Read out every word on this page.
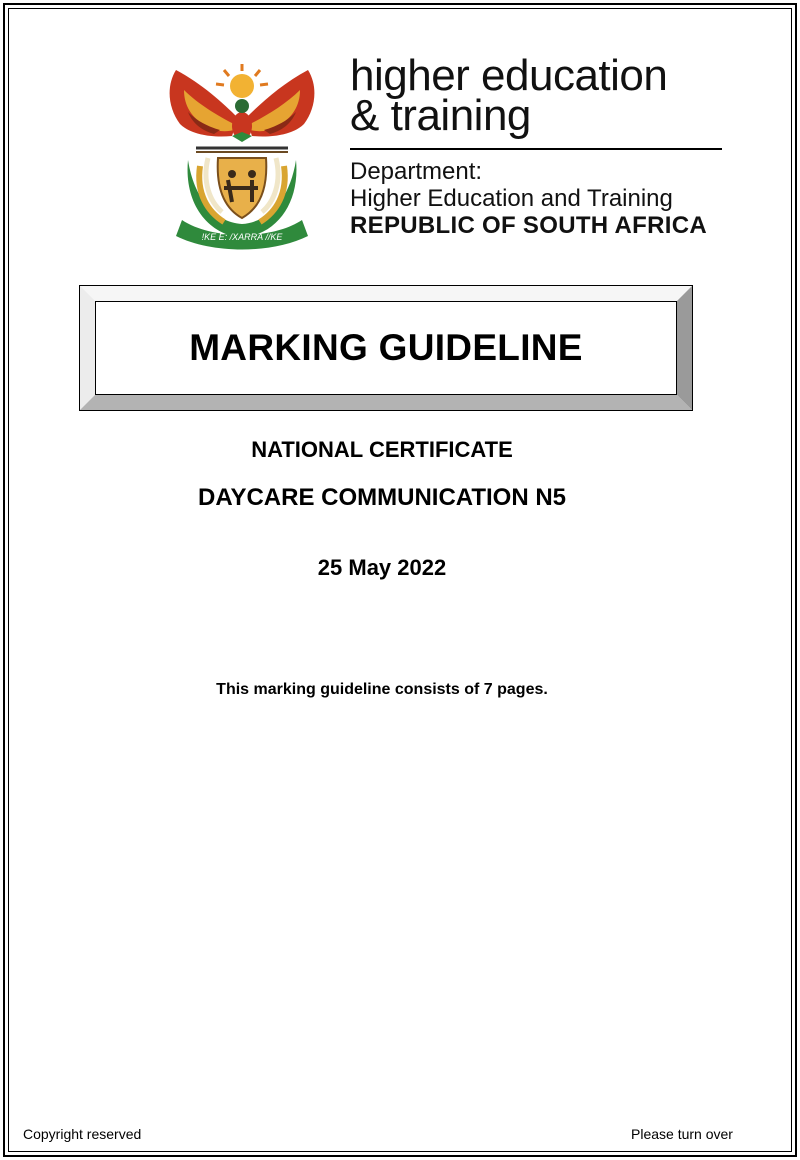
!KE E: /XARRA //KE
higher education
& training
Department:
Higher Education and Training
REPUBLIC OF SOUTH AFRICA
MARKING GUIDELINE
NATIONAL CERTIFICATE
DAYCARE COMMUNICATION N5
25 May 2022
This marking guideline consists of 7 pages.
Copyright reserved	Please turn over
